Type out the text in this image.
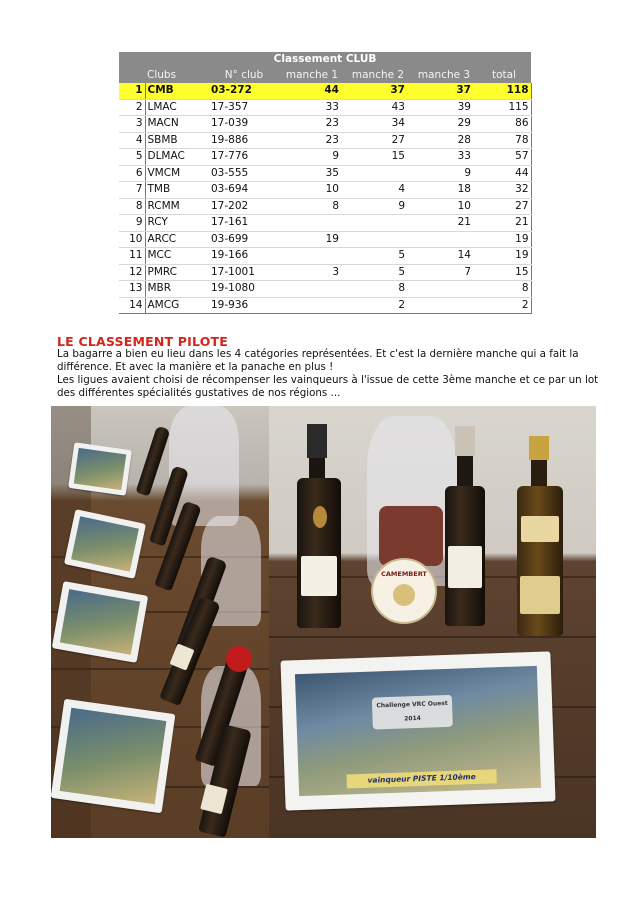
Classement CLUB						
	Clubs	N° club	manche 1	manche 2	manche 3	total
1	CMB	03-272	44	37	37	118
2	LMAC	17-357	33	43	39	115
3	MACN	17-039	23	34	29	86
4	SBMB	19-886	23	27	28	78
5	DLMAC	17-776	9	15	33	57
6	VMCM	03-555	35		9	44
7	TMB	03-694	10	4	18	32
8	RCMM	17-202	8	9	10	27
9	RCY	17-161			21	21
10	ARCC	03-699	19			19
11	MCC	19-166		5	14	19
12	PMRC	17-1001	3	5	7	15
13	MBR	19-1080		8		8
14	AMCG	19-936		2		2
LE CLASSEMENT PILOTE
La bagarre a bien eu lieu dans les 4 catégories représentées. Et c'est la dernière manche qui a fait la différence. Et avec la manière et la panache en plus !
Les ligues avaient choisi de récompenser les vainqueurs à l'issue de cette 3ème manche et ce par un lot des différentes spécialités gustatives de nos régions ...
CAMEMBERT
Challenge VRC Ouest 2014
vainqueur PISTE 1/10ème
